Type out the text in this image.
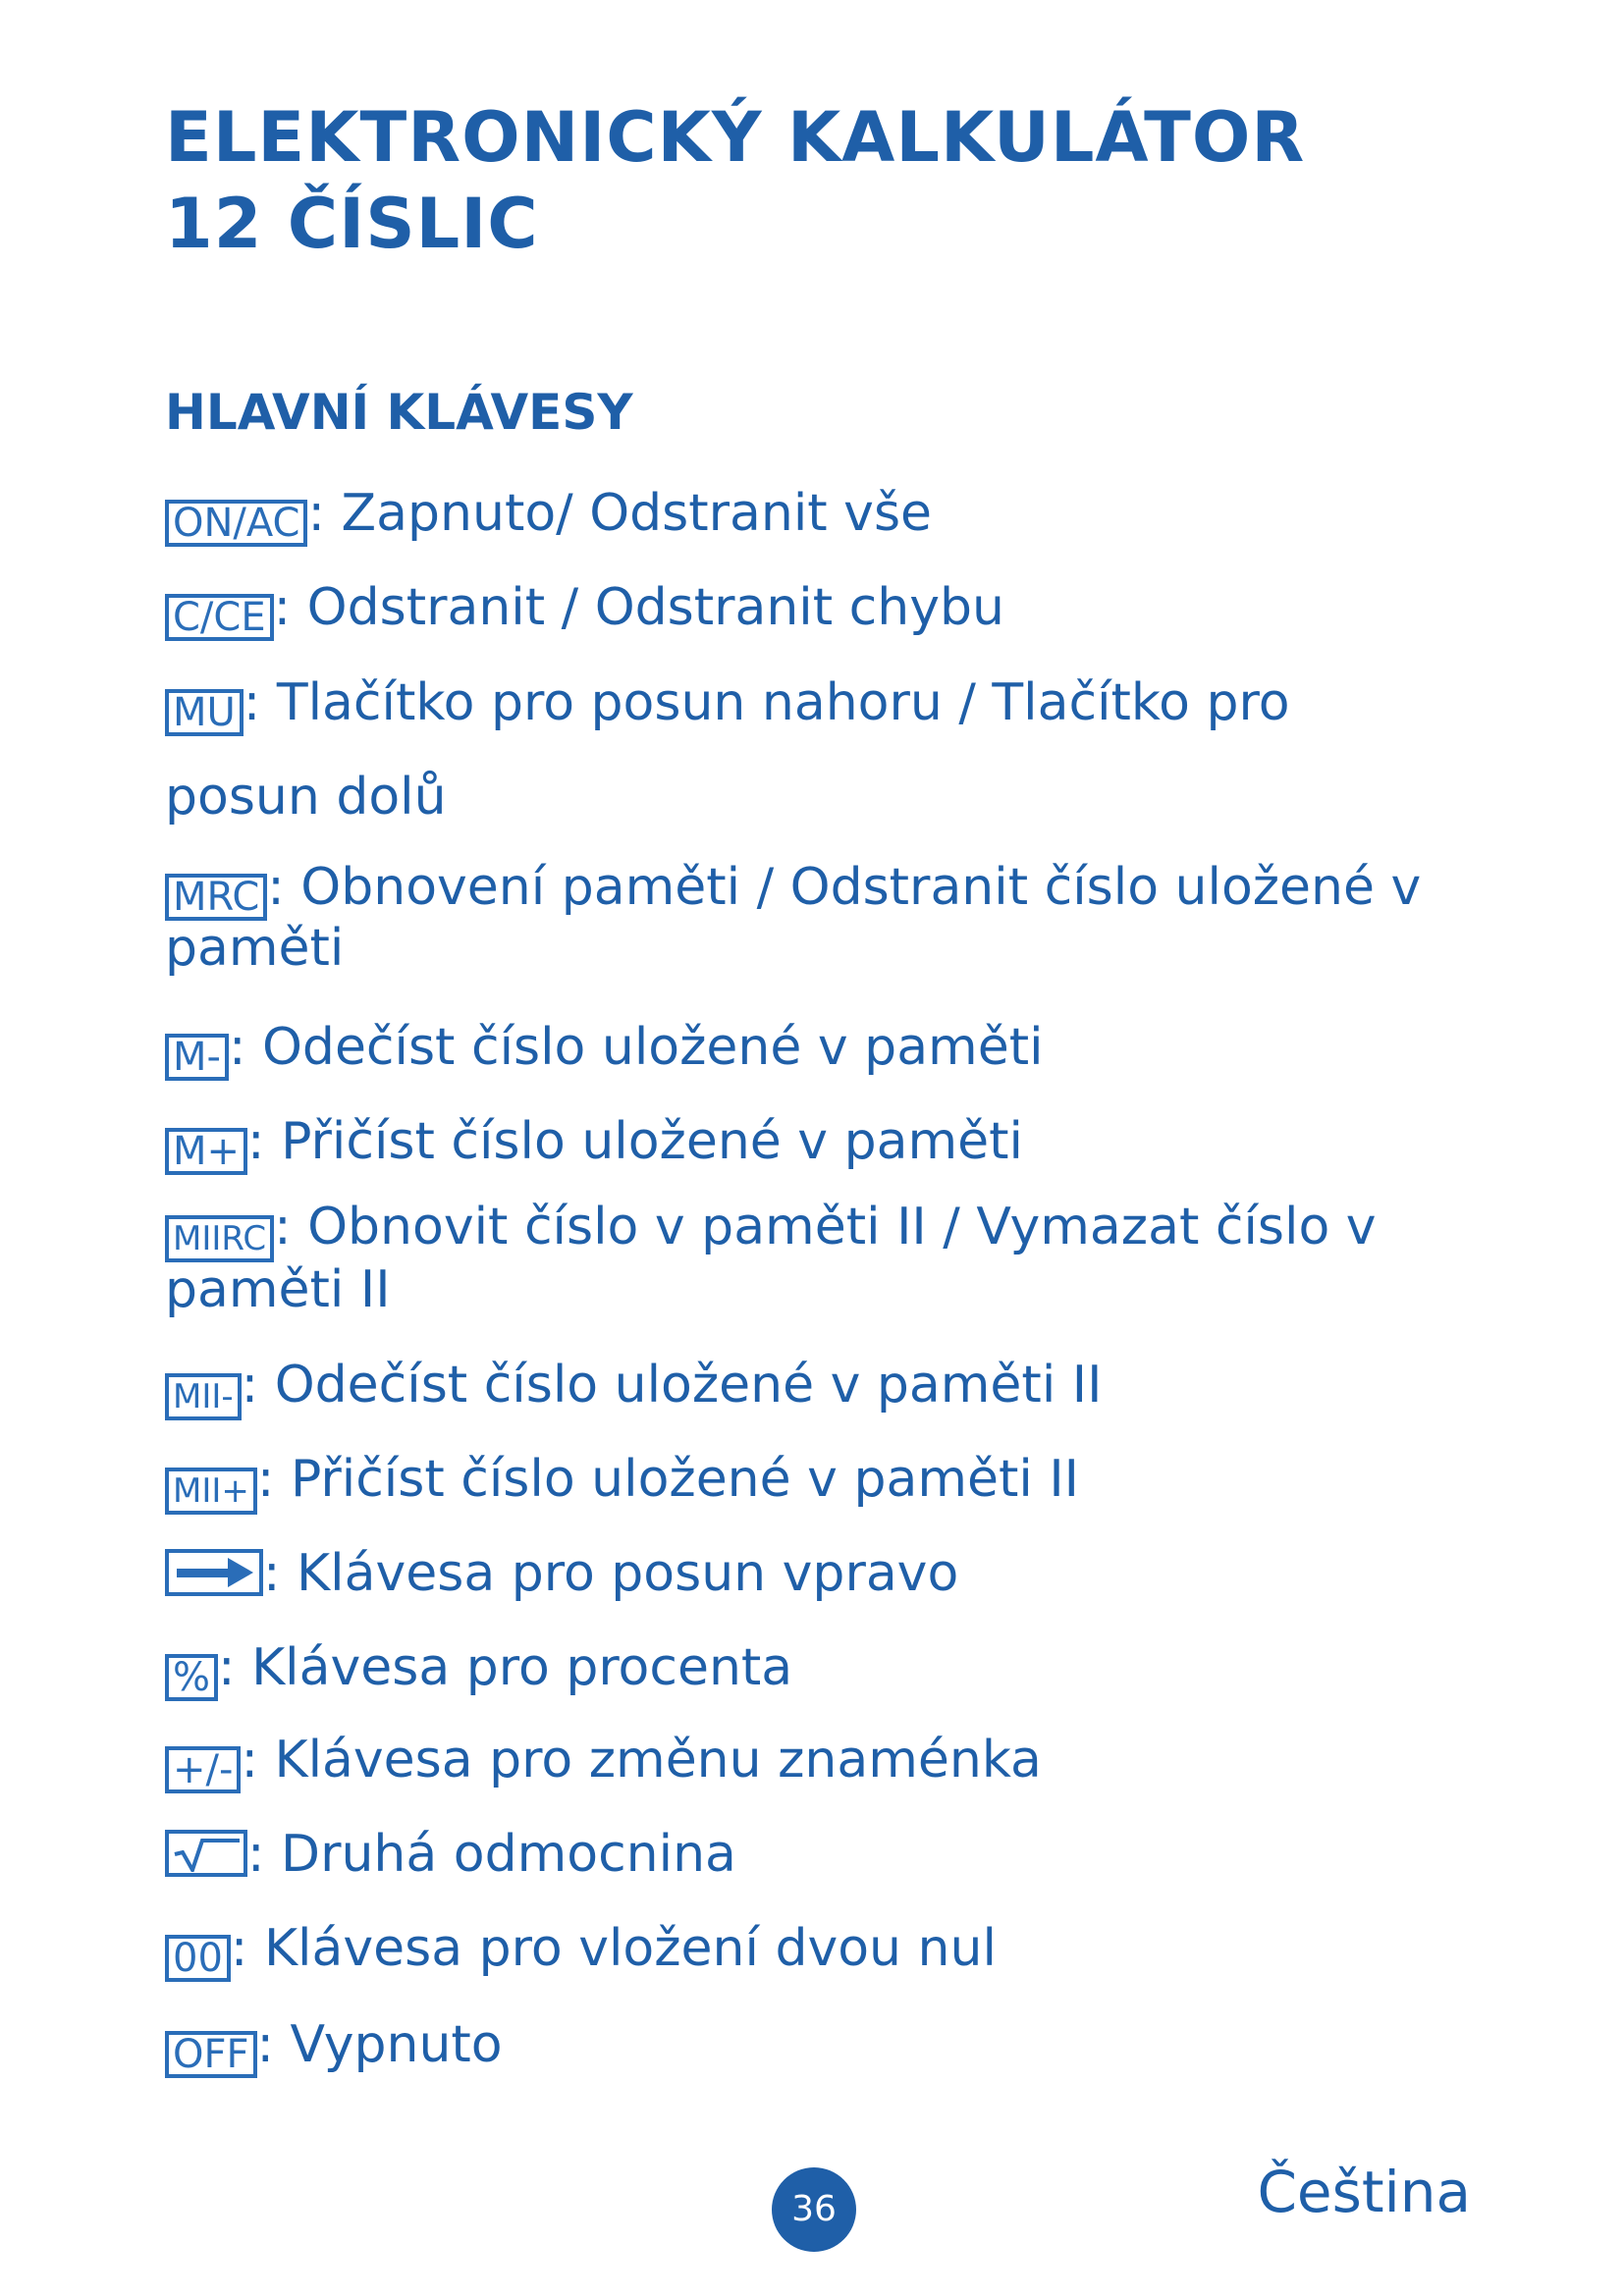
ELEKTRONICKÝ KALKULÁTOR
12 ČÍSLIC
HLAVNÍ KLÁVESY
ON/AC : Zapnuto/ Odstranit vše
C/CE : Odstranit / Odstranit chybu
MU : Tlačítko pro posun nahoru / Tlačítko pro posun dolů
MRC : Obnovení paměti / Odstranit číslo uložené v paměti
M- : Odečíst číslo uložené v paměti
M+ : Přičíst číslo uložené v paměti
MIIRC : Obnovit číslo v paměti II / Vymazat číslo v paměti II
MII- : Odečíst číslo uložené v paměti II
MII+ : Přičíst číslo uložené v paměti II
: Klávesa pro posun vpravo
% : Klávesa pro procenta
+/- : Klávesa pro změnu znaménka
: Druhá odmocnina
00 : Klávesa pro vložení dvou nul
OFF : Vypnuto
36	Čeština
